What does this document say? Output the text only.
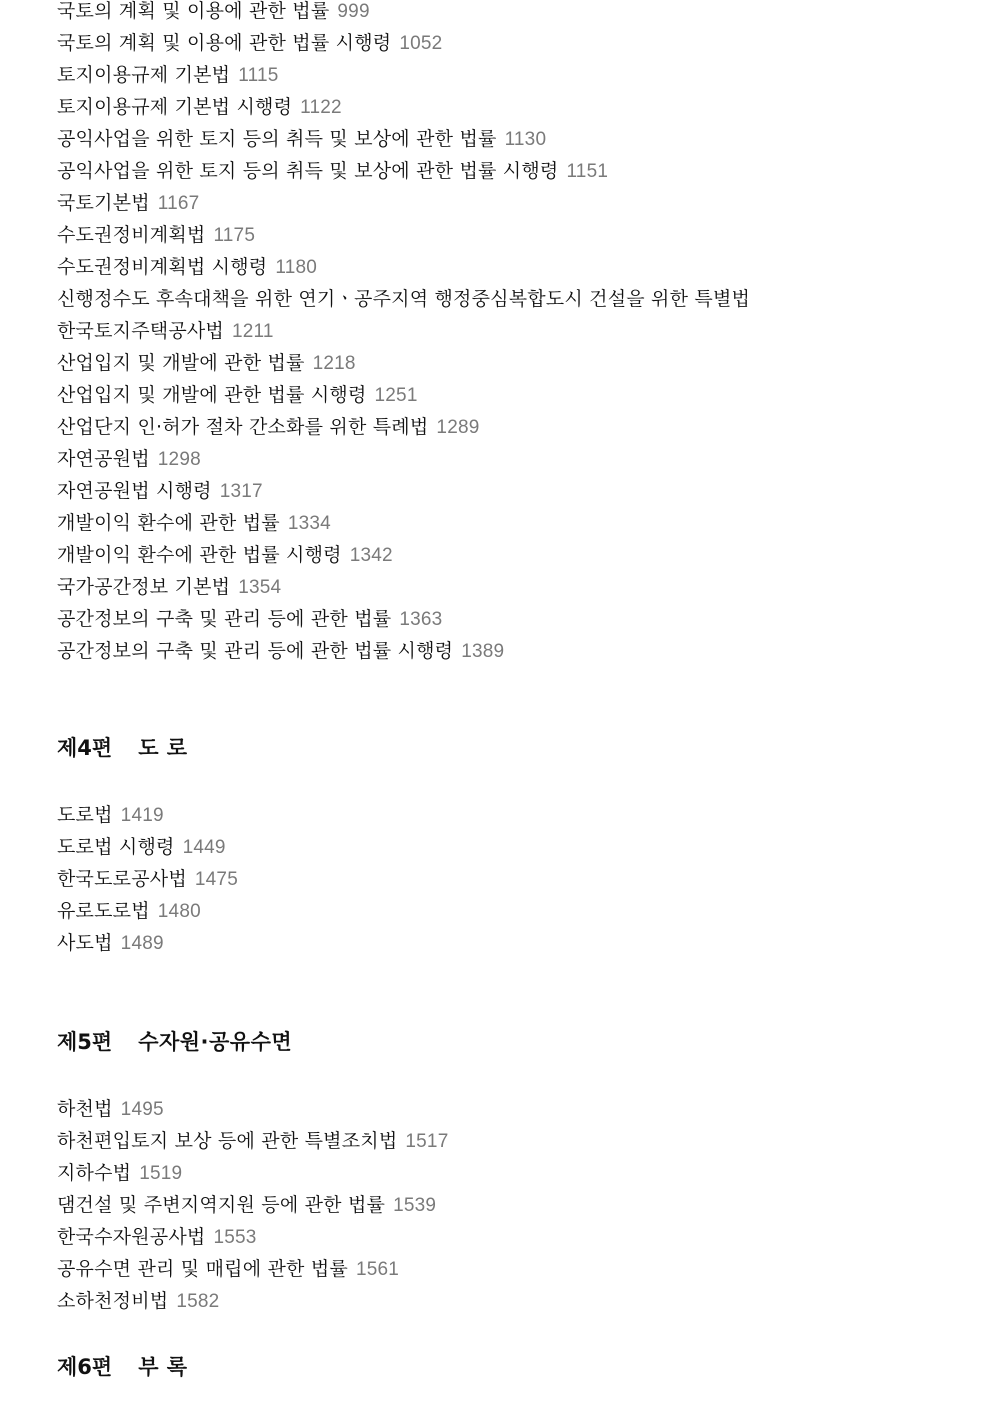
국토의 계획 및 이용에 관한 법률 999
국토의 계획 및 이용에 관한 법률 시행령 1052
토지이용규제 기본법 1115
토지이용규제 기본법 시행령 1122
공익사업을 위한 토지 등의 취득 및 보상에 관한 법률 1130
공익사업을 위한 토지 등의 취득 및 보상에 관한 법률 시행령 1151
국토기본법 1167
수도권정비계획법 1175
수도권정비계획법 시행령 1180
신행정수도 후속대책을 위한 연기ㆍ공주지역 행정중심복합도시 건설을 위한 특별법
한국토지주택공사법 1211
산업입지 및 개발에 관한 법률 1218
산업입지 및 개발에 관한 법률 시행령 1251
산업단지 인·허가 절차 간소화를 위한 특례법 1289
자연공원법 1298
자연공원법 시행령 1317
개발이익 환수에 관한 법률 1334
개발이익 환수에 관한 법률 시행령 1342
국가공간정보 기본법 1354
공간정보의 구축 및 관리 등에 관한 법률 1363
공간정보의 구축 및 관리 등에 관한 법률 시행령 1389
제4편 도 로
도로법 1419
도로법 시행령 1449
한국도로공사법 1475
유로도로법 1480
사도법 1489
제5편 수자원·공유수면
하천법 1495
하천편입토지 보상 등에 관한 특별조치법 1517
지하수법 1519
댐건설 및 주변지역지원 등에 관한 법률 1539
한국수자원공사법 1553
공유수면 관리 및 매립에 관한 법률 1561
소하천정비법 1582
제6편 부 록
